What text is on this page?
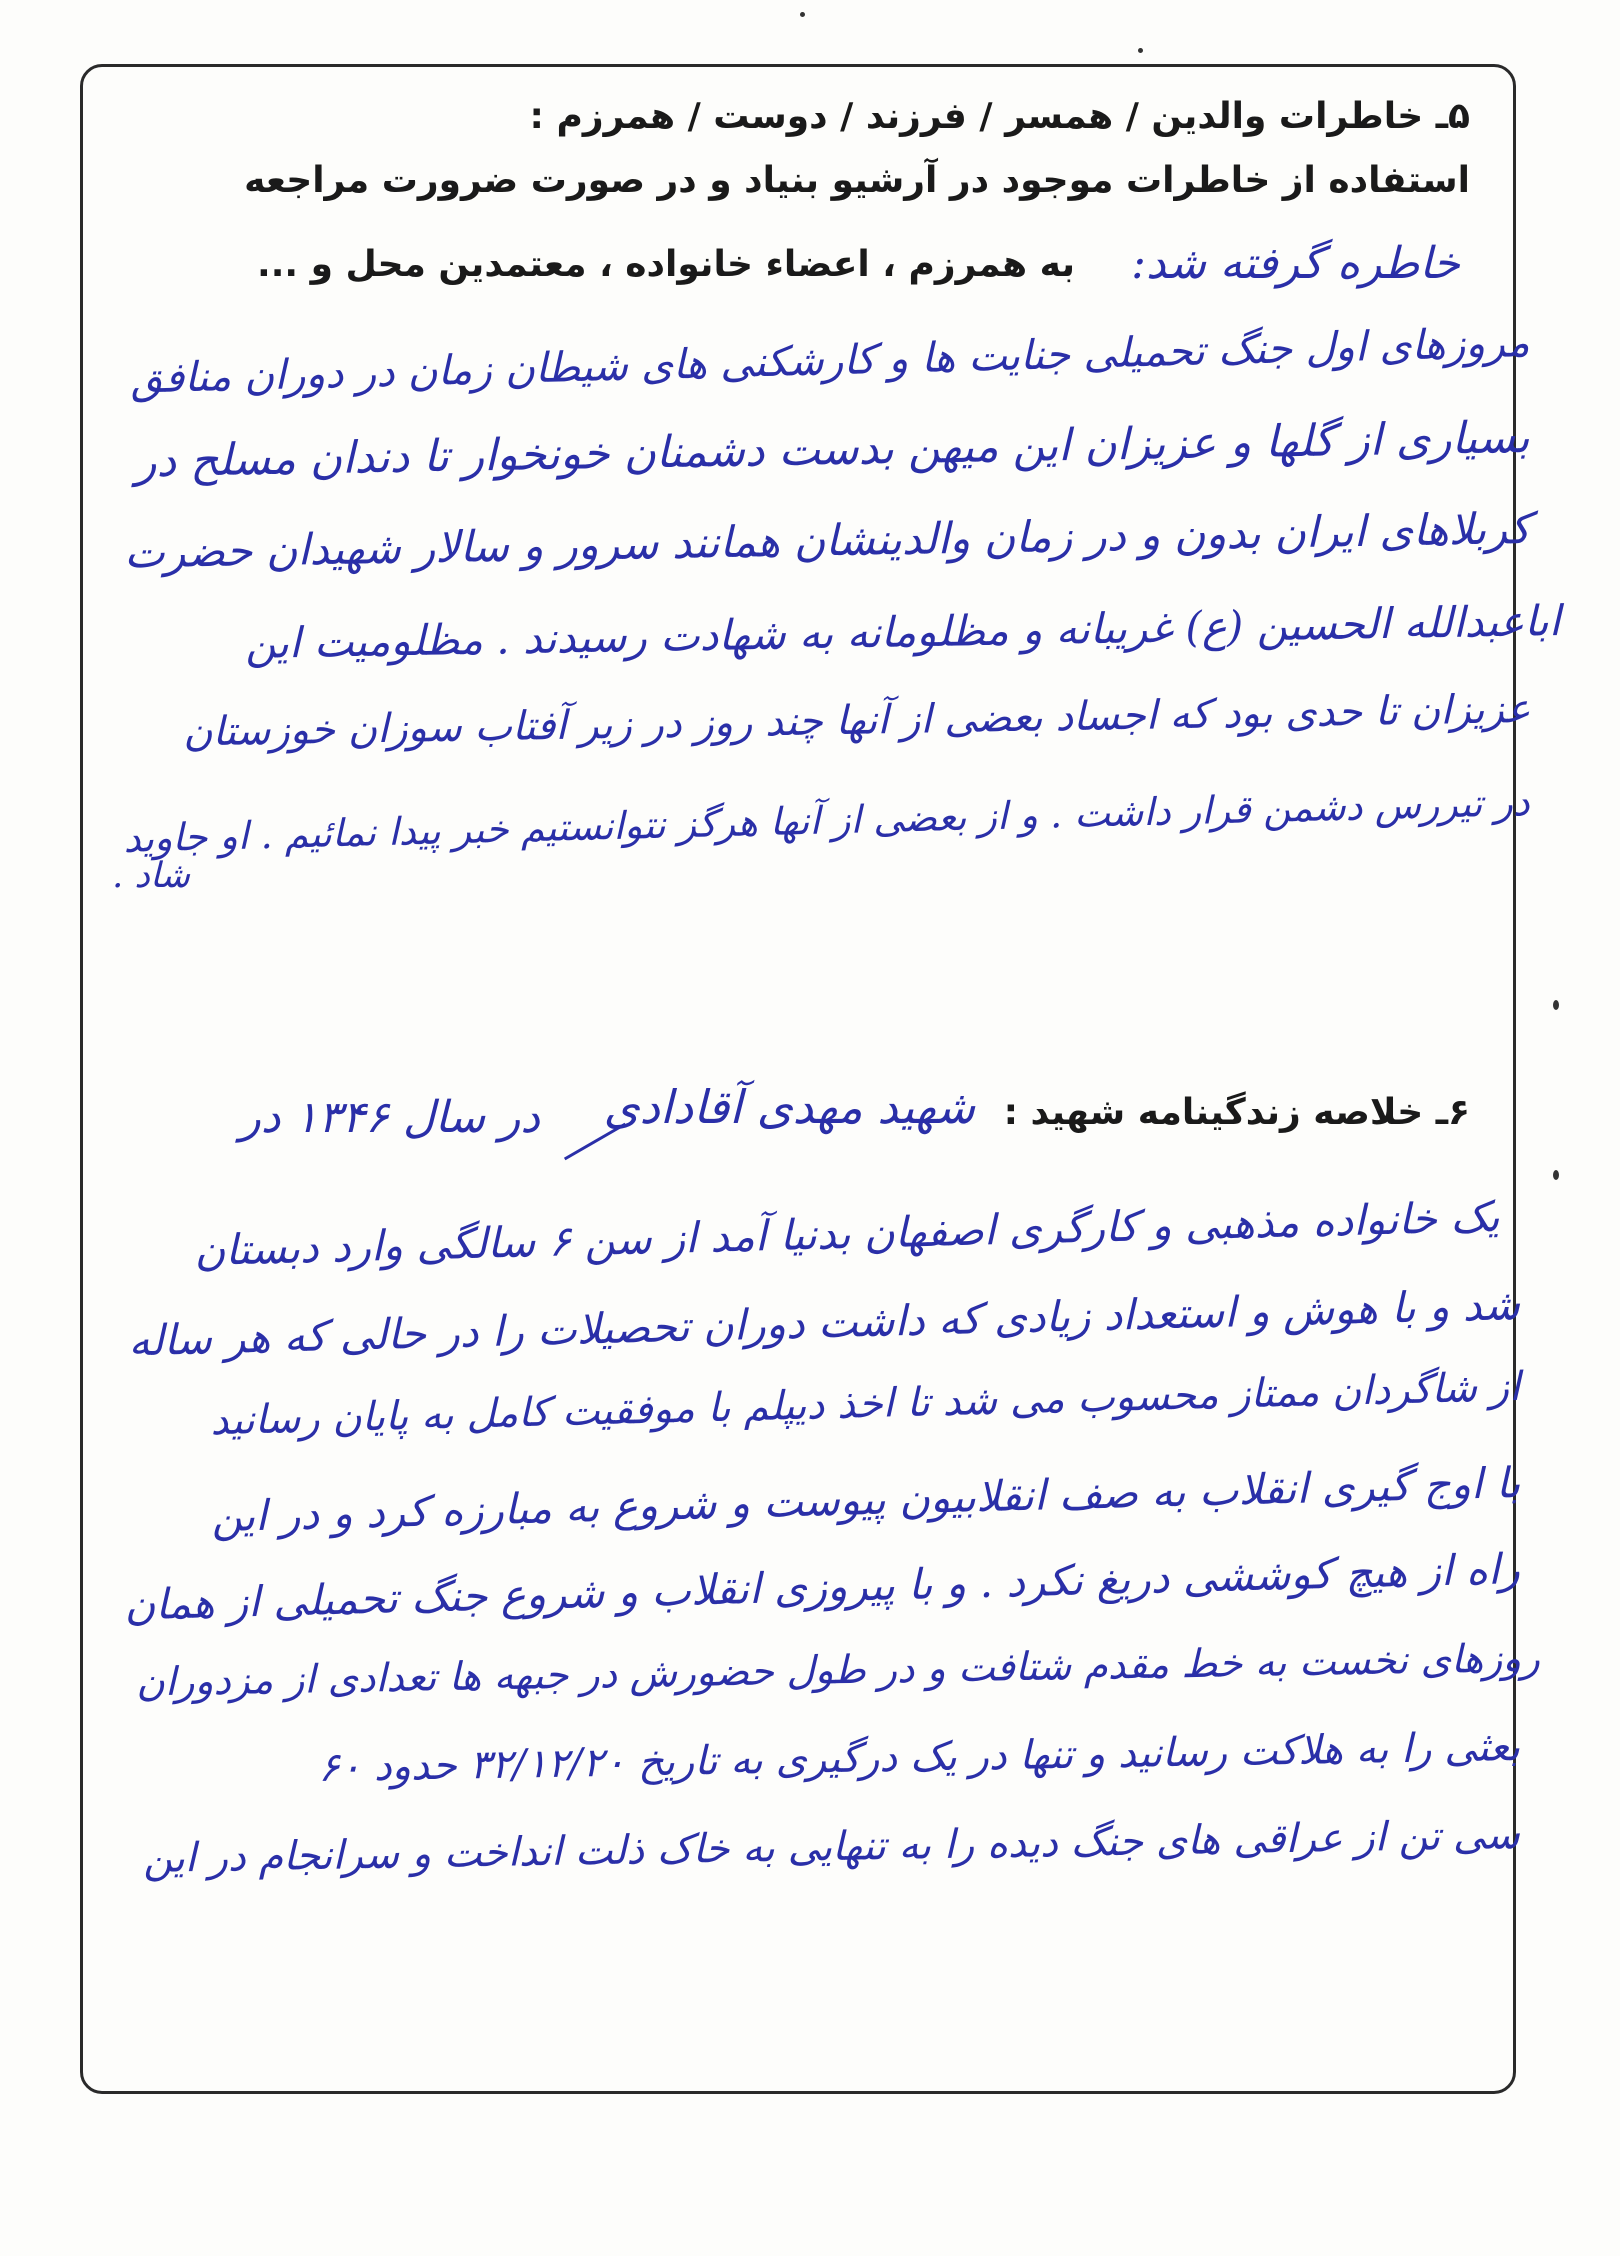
۵ـ خاطرات والدین / همسر / فرزند / دوست / همرزم :
استفاده از خاطرات موجود در آرشیو بنیاد و در صورت ضرورت مراجعه
به همرزم ، اعضاء خانواده ، معتمدین محل و ... خاطره گرفته شد:
مروزهای اول جنگ تحمیلی جنایت ها و کارشکنی های شیطان زمان در دوران منافق
بسیاری از گلها و عزیزان این میهن بدست دشمنان خونخوار تا دندان مسلح در
کربلاهای ایران بدون و در زمان والدینشان همانند سرور و سالار شهیدان حضرت
اباعبدالله الحسین (ع) غریبانه و مظلومانه به شهادت رسیدند . مظلومیت این
عزیزان تا حدی بود که اجساد بعضی از آنها چند روز در زیر آفتاب سوزان خوزستان
در تیررس دشمن قرار داشت . و از بعضی از آنها هرگز نتوانستیم خبر پیدا نمائیم . او جاوید
شاد .
۶ـ خلاصه زندگینامه شهید :
شهید مهدی آقادادی
در سال ۱۳۴۶ در
یک خانواده مذهبی و کارگری اصفهان بدنیا آمد از سن ۶ سالگی وارد دبستان
شد و با هوش و استعداد زیادی که داشت دوران تحصیلات را در حالی که هر ساله
از شاگردان ممتاز محسوب می شد تا اخذ دیپلم با موفقیت کامل به پایان رسانید
با اوج گیری انقلاب به صف انقلابیون پیوست و شروع به مبارزه کرد و در این
راه از هیچ کوششی دریغ نکرد . و با پیروزی انقلاب و شروع جنگ تحمیلی از همان
روزهای نخست به خط مقدم شتافت و در طول حضورش در جبهه ها تعدادی از مزدوران
بعثی را به هلاکت رسانید و تنها در یک درگیری به تاریخ ۳۲/۱۲/۲۰ حدود ۶۰
سی تن از عراقی های جنگ دیده را به تنهایی به خاک ذلت انداخت و سرانجام در این
